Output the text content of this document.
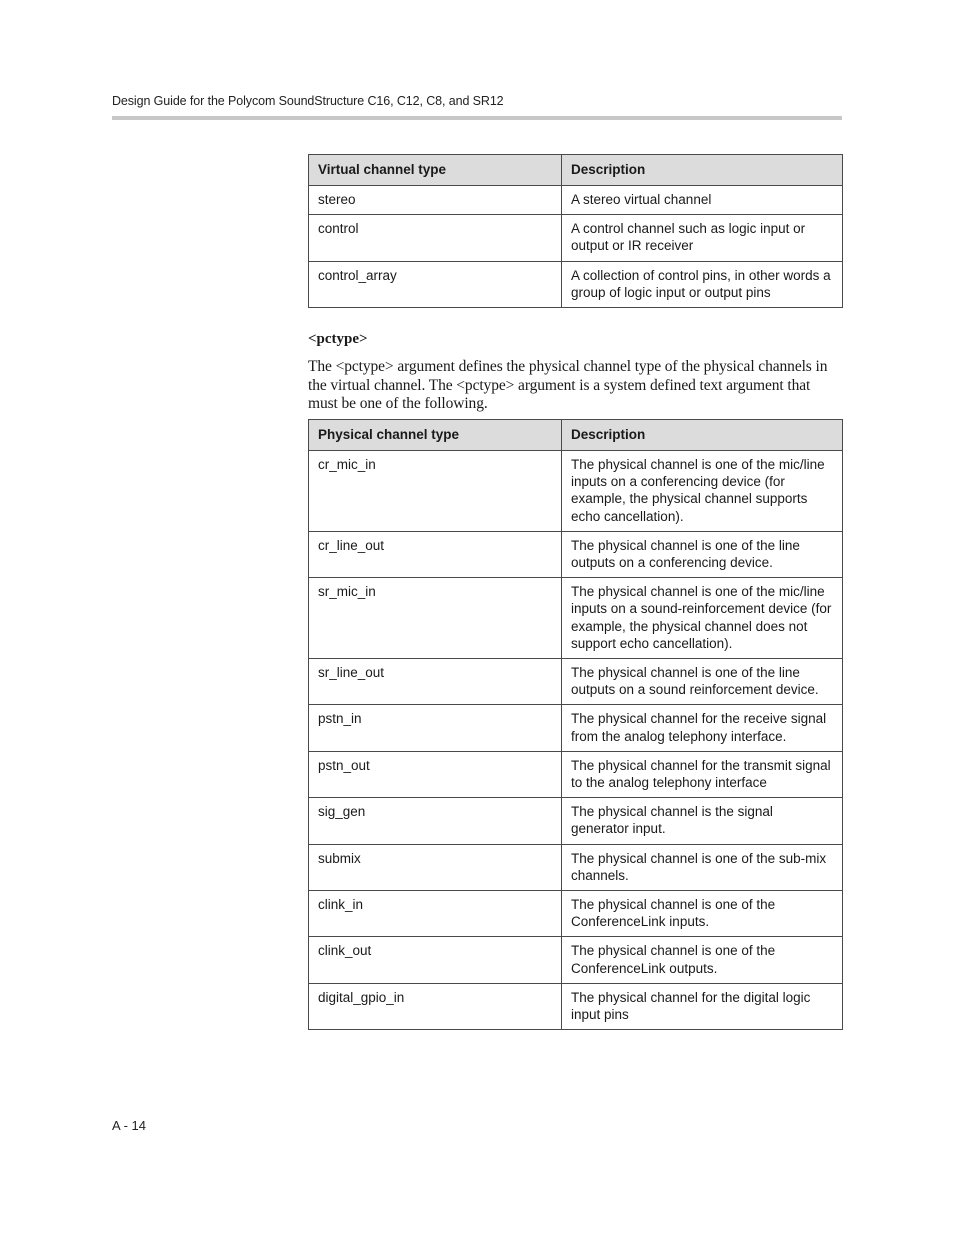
Design Guide for the Polycom SoundStructure C16, C12, C8, and SR12
Virtual channel type	Description
stereo	A stereo virtual channel
control	A control channel such as logic input or output or IR receiver
control_array	A collection of control pins, in other words a group of logic input or output pins
<pctype>
The <pctype> argument defines the physical channel type of the physical channels in the virtual channel. The <pctype> argument is a system defined text argument that must be one of the following.
Physical channel type	Description
cr_mic_in	The physical channel is one of the mic/line inputs on a conferencing device (for example, the physical channel supports echo cancellation).
cr_line_out	The physical channel is one of the line outputs on a conferencing device.
sr_mic_in	The physical channel is one of the mic/line inputs on a sound-reinforcement device (for example, the physical channel does not support echo cancellation).
sr_line_out	The physical channel is one of the line outputs on a sound reinforcement device.
pstn_in	The physical channel for the receive signal from the analog telephony interface.
pstn_out	The physical channel for the transmit signal to the analog telephony interface
sig_gen	The physical channel is the signal generator input.
submix	The physical channel is one of the sub-mix channels.
clink_in	The physical channel is one of the ConferenceLink inputs.
clink_out	The physical channel is one of the ConferenceLink outputs.
digital_gpio_in	The physical channel for the digital logic input pins
A - 14
